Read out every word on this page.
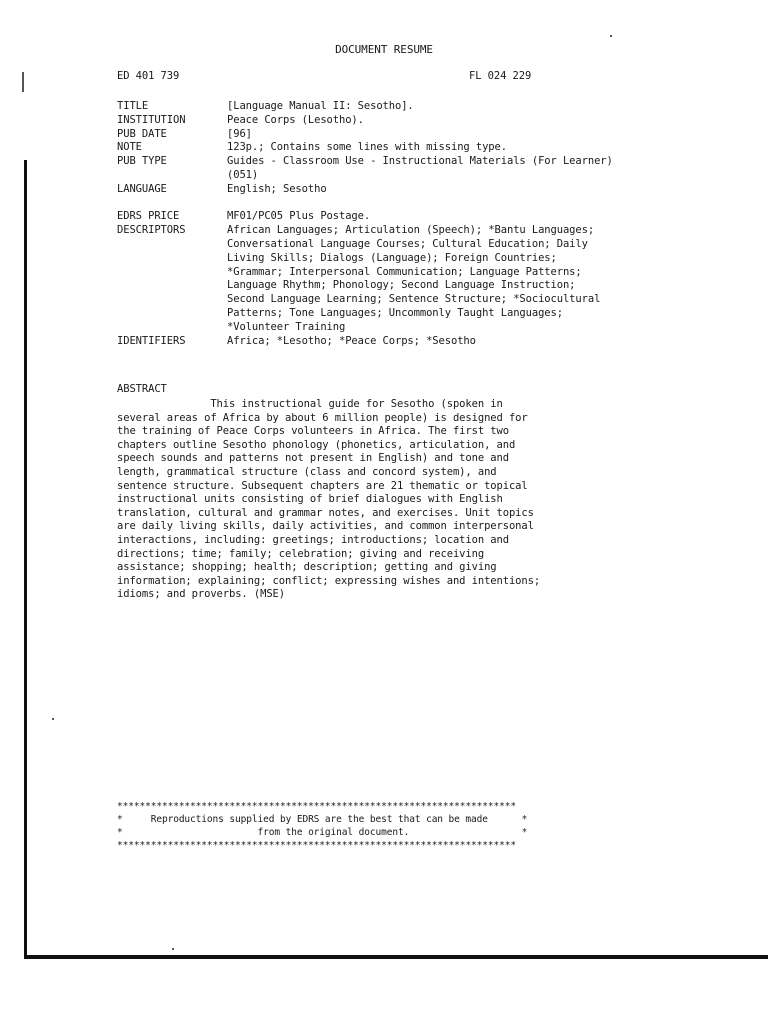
DOCUMENT RESUME
ED 401 739	FL 024 229
TITLE	[Language Manual II: Sesotho].
INSTITUTION	Peace Corps (Lesotho).
PUB DATE	[96]
NOTE	123p.; Contains some lines with missing type.
PUB TYPE	Guides - Classroom Use - Instructional Materials (For Learner) (051)
LANGUAGE	English; Sesotho
EDRS PRICE	MF01/PC05 Plus Postage.
DESCRIPTORS	African Languages; Articulation (Speech); *Bantu Languages; Conversational Language Courses; Cultural Education; Daily Living Skills; Dialogs (Language); Foreign Countries; *Grammar; Interpersonal Communication; Language Patterns; Language Rhythm; Phonology; Second Language Instruction; Second Language Learning; Sentence Structure; *Sociocultural Patterns; Tone Languages; Uncommonly Taught Languages; *Volunteer Training
IDENTIFIERS	Africa; *Lesotho; *Peace Corps; *Sesotho
ABSTRACT
This instructional guide for Sesotho (spoken in
several areas of Africa by about 6 million people) is designed for
the training of Peace Corps volunteers in Africa. The first two
chapters outline Sesotho phonology (phonetics, articulation, and
speech sounds and patterns not present in English) and tone and
length, grammatical structure (class and concord system), and
sentence structure. Subsequent chapters are 21 thematic or topical
instructional units consisting of brief dialogues with English
translation, cultural and grammar notes, and exercises. Unit topics
are daily living skills, daily activities, and common interpersonal
interactions, including: greetings; introductions; location and
directions; time; family; celebration; giving and receiving
assistance; shopping; health; description; getting and giving
information; explaining; conflict; expressing wishes and intentions;
idioms; and proverbs. (MSE)
***********************************************************************
*     Reproductions supplied by EDRS are the best that can be made      *
*                        from the original document.                    *
***********************************************************************
